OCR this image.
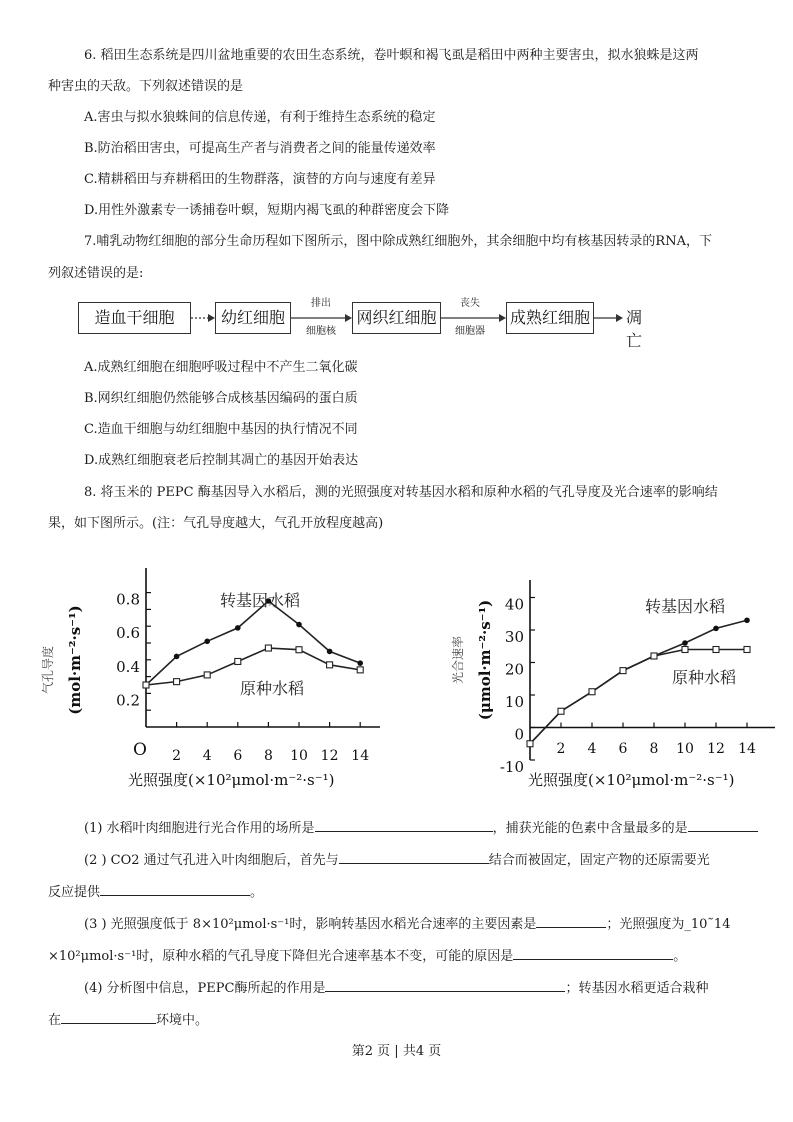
6. 稻田生态系统是四川盆地重要的农田生态系统，卷叶螟和褐飞虱是稻田中两种主要害虫，拟水狼蛛是这两
种害虫的天敌。下列叙述错误的是
A.害虫与拟水狼蛛间的信息传递，有利于维持生态系统的稳定
B.防治稻田害虫，可提高生产者与消费者之间的能量传递效率
C.精耕稻田与弃耕稻田的生物群落，演替的方向与速度有差异
D.用性外激素专一诱捕卷叶螟，短期内褐飞虱的种群密度会下降
7.哺乳动物红细胞的部分生命历程如下图所示，图中除成熟红细胞外，其余细胞中均有核基因转录的RNA，下
列叙述错误的是:
造血干细胞	幼红细胞	网织红细胞	成熟红细胞
排出
细胞核
丧失
细胞器
凋亡
A.成熟红细胞在细胞呼吸过程中不产生二氧化碳
B.网织红细胞仍然能够合成核基因编码的蛋白质
C.造血干细胞与幼红细胞中基因的执行情况不同
D.成熟红细胞衰老后控制其凋亡的基因开始表达
8. 将玉米的 PEPC 酶基因导入水稻后，测的光照强度对转基因水稻和原种水稻的气孔导度及光合速率的影响结
果，如下图所示。(注：气孔导度越大，气孔开放程度越高)
0.2
0.4
0.6
0.8
2 4 6 8 10 12 14
气孔导度 (mol·m⁻²·s⁻¹)
O
光照强度(×10²μmol·m⁻²·s⁻¹)
转基因水稻
原种水稻
-10
0
10
20
30
40
2 4 6 8 10 12 14
光合速率 (μmol·m⁻²·s⁻¹)
光照强度(×10²μmol·m⁻²·s⁻¹)
转基因水稻
原种水稻
(1) 水稻叶肉细胞进行光合作用的场所是	，捕获光能的色素中含量最多的是
(2 ) CO2 通过气孔进入叶肉细胞后，首先与	结合而被固定，固定产物的还原需要光
反应提供	。
(3 ) 光照强度低于 8×10²μmol·s⁻¹时，影响转基因水稻光合速率的主要因素是	；光照强度为_10˜14
×10²μmol·s⁻¹时，原种水稻的气孔导度下降但光合速率基本不变，可能的原因是	。
(4) 分析图中信息，PEPC酶所起的作用是	；转基因水稻更适合栽种
在	环境中。
第2 页 | 共4 页
